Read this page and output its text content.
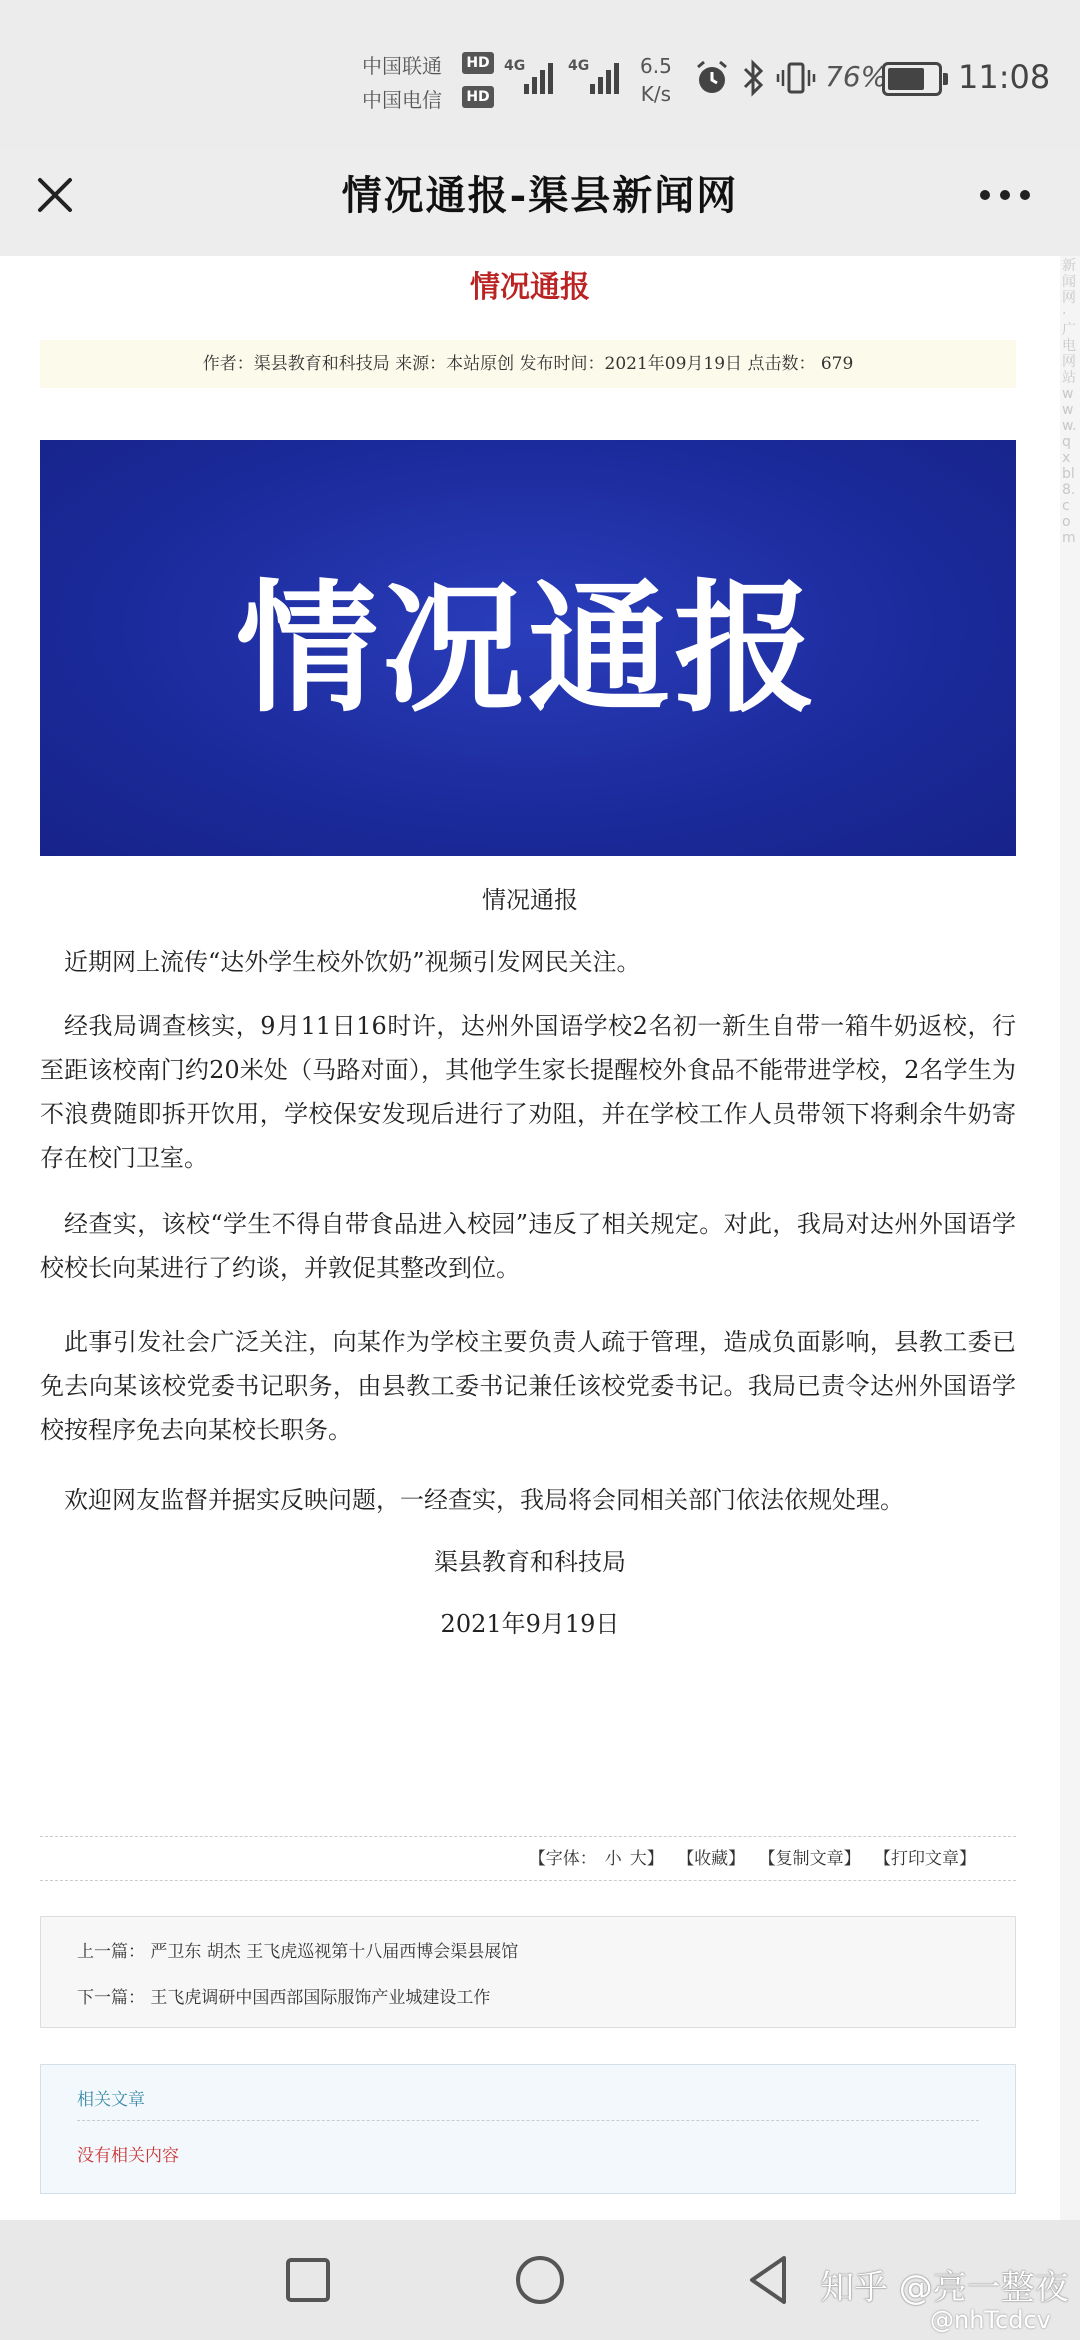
中国联通	HD
中国电信	HD
4G	4G	6.5
K/s
76% 11:08
情况通报-渠县新闻网
新闻网·广电网站 www.qxbl8.com
情况通报
作者：渠县教育和科技局 来源：本站原创 发布时间：2021年09月19日 点击数： 679
情况通报
情况通报
近期网上流传“达外学生校外饮奶”视频引发网民关注。
经我局调查核实，9月11日16时许，达州外国语学校2名初一新生自带一箱牛奶返校，行至距该校南门约20米处（马路对面），其他学生家长提醒校外食品不能带进学校，2名学生为不浪费随即拆开饮用，学校保安发现后进行了劝阻，并在学校工作人员带领下将剩余牛奶寄存在校门卫室。
经查实，该校“学生不得自带食品进入校园”违反了相关规定。对此，我局对达州外国语学校校长向某进行了约谈，并敦促其整改到位。
此事引发社会广泛关注，向某作为学校主要负责人疏于管理，造成负面影响，县教工委已免去向某该校党委书记职务，由县教工委书记兼任该校党委书记。我局已责令达州外国语学校按程序免去向某校长职务。
欢迎网友监督并据实反映问题，一经查实，我局将会同相关部门依法依规处理。
渠县教育和科技局
2021年9月19日
【字体： 小 大】 【收藏】 【复制文章】 【打印文章】
上一篇： 严卫东 胡杰 王飞虎巡视第十八届西博会渠县展馆
下一篇： 王飞虎调研中国西部国际服饰产业城建设工作
相关文章
没有相关内容
知乎 @亮一整夜
@nhTcdcv
